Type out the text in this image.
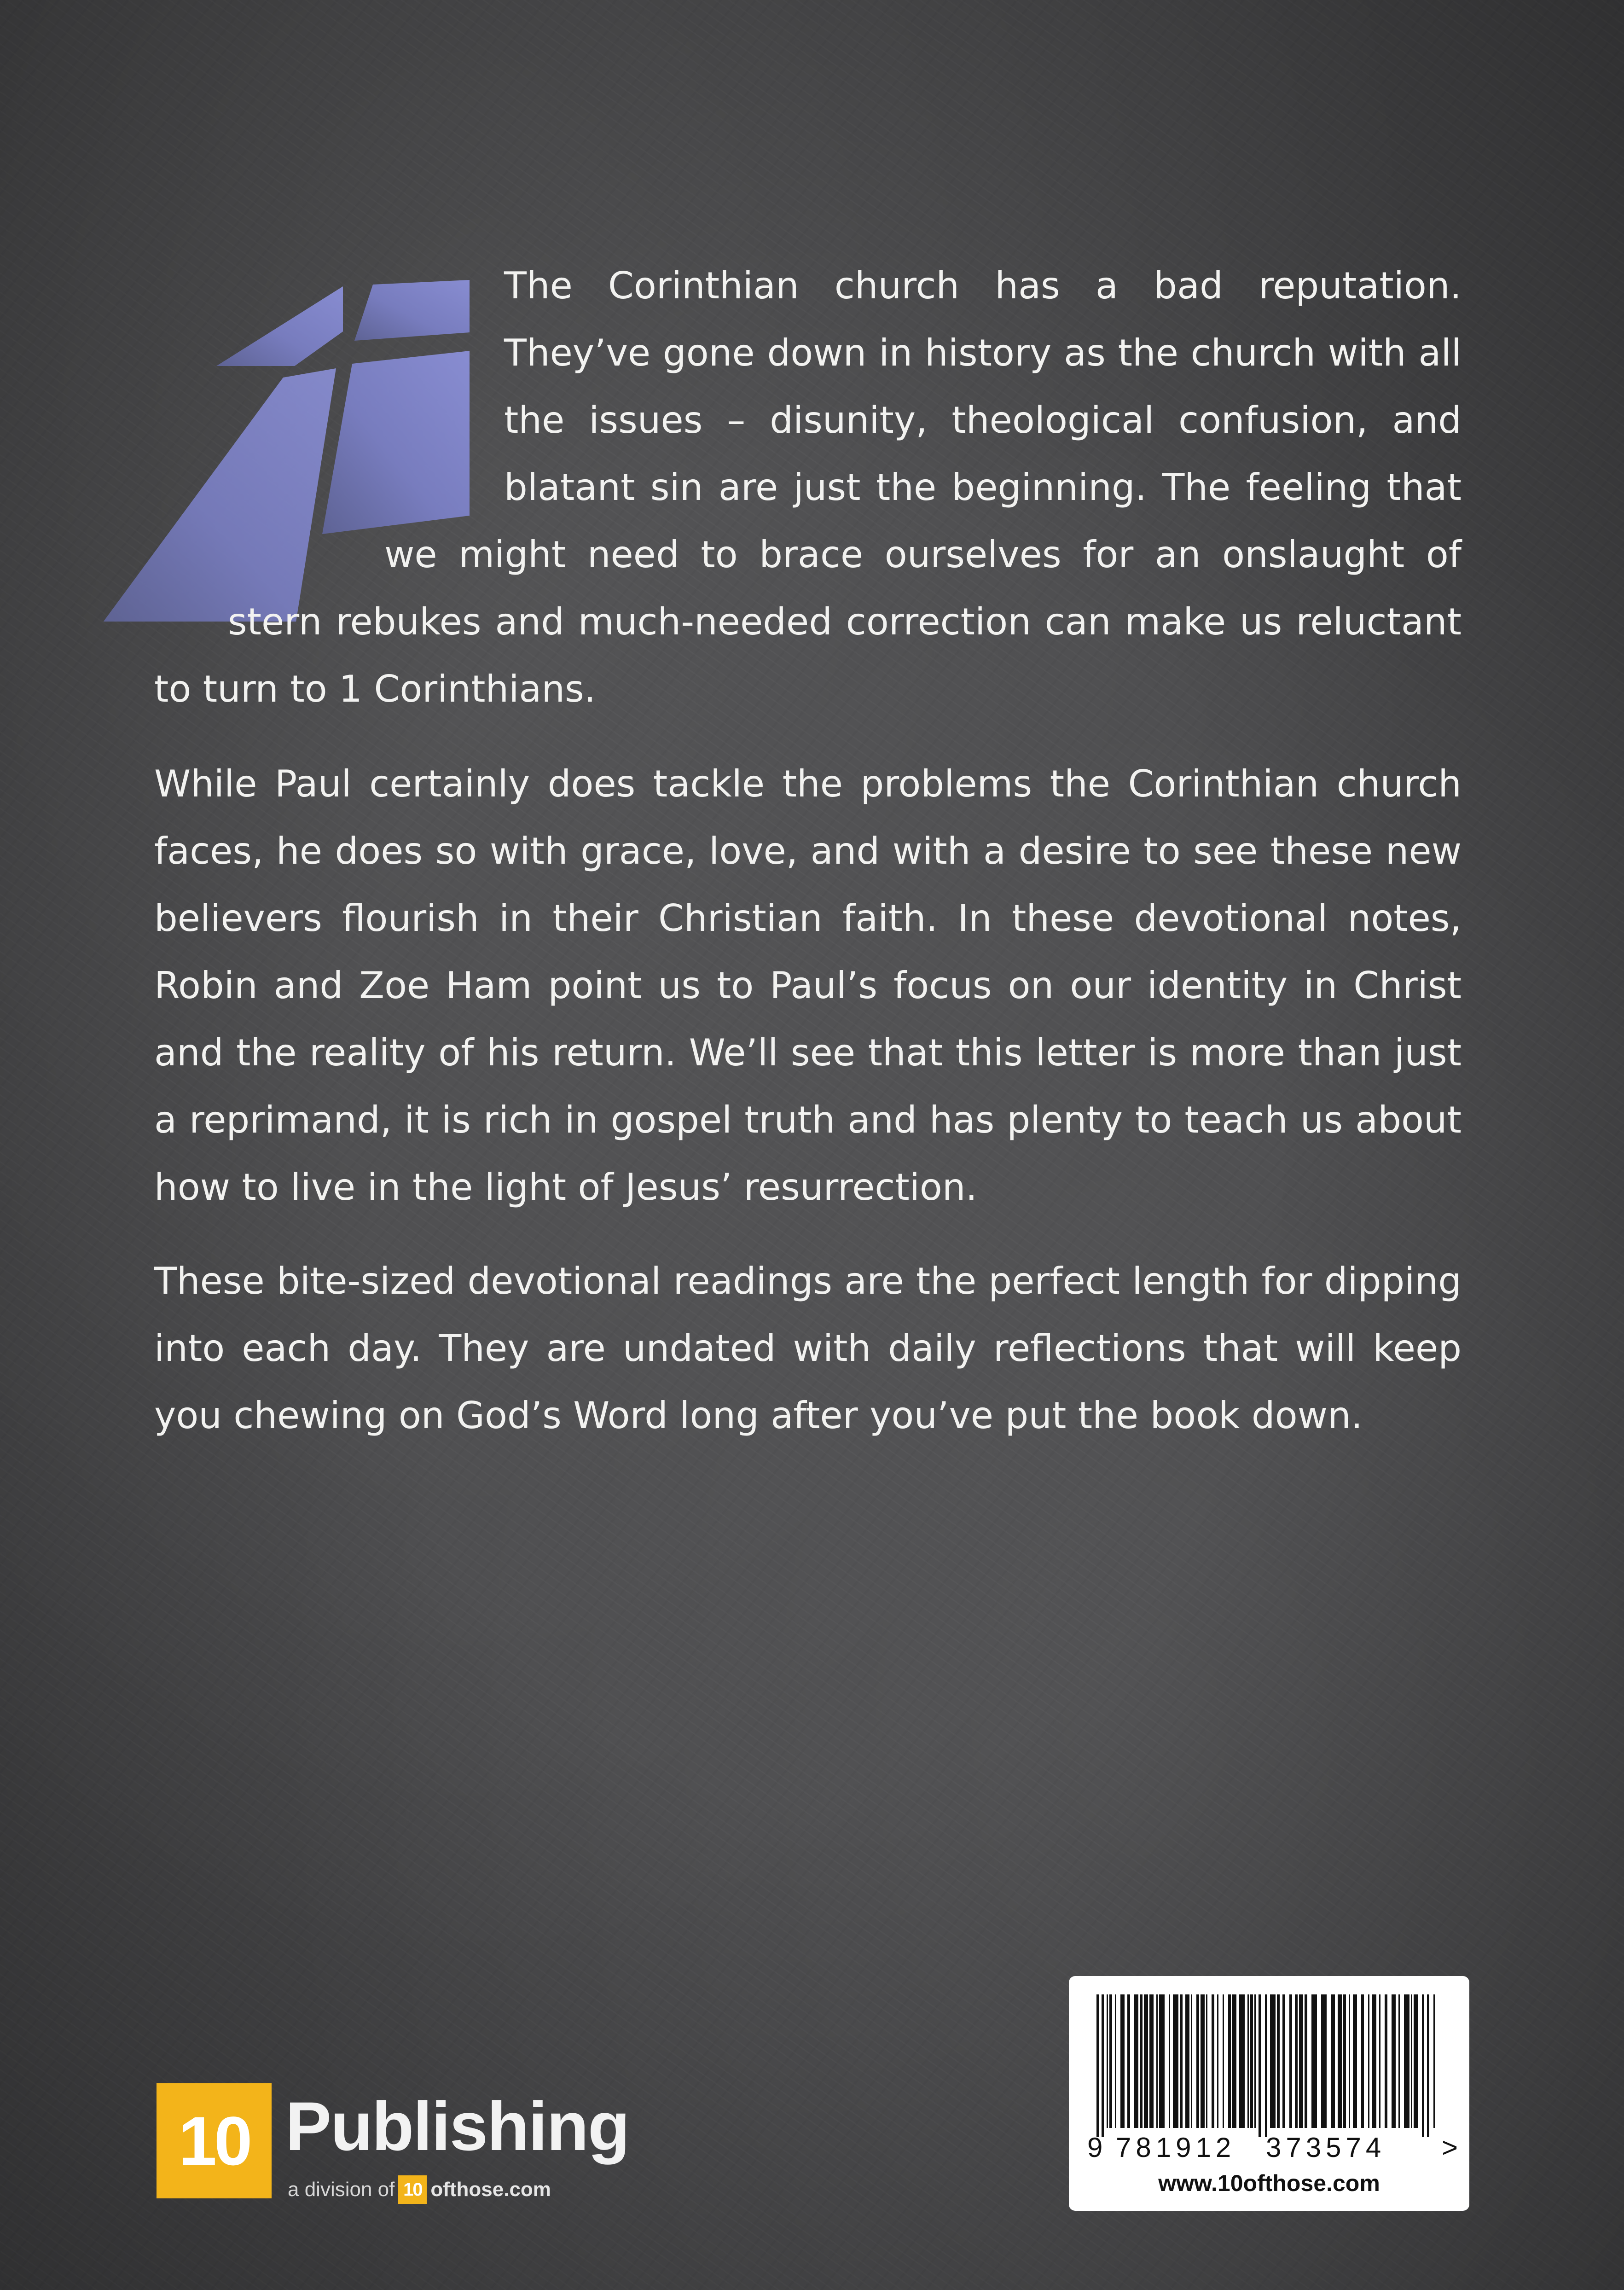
The Corinthian church has a bad reputation. They’ve gone down in history as the church with all the issues – disunity, theological confusion, and blatant sin are just the beginning. The feeling that we might need to brace ourselves for an onslaught of stern rebukes and much-needed correction can make us reluctant to turn to 1 Corinthians.

While Paul certainly does tackle the problems the Corinthian church faces, he does so with grace, love, and with a desire to see these new believers flourish in their Christian faith. In these devotional notes, Robin and Zoe Ham point us to Paul’s focus on our identity in Christ and the reality of his return. We’ll see that this letter is more than just a reprimand, it is rich in gospel truth and has plenty to teach us about how to live in the light of Jesus’ resurrection.

These bite-sized devotional readings are the perfect length for dipping into each day. They are undated with daily reflections that will keep you chewing on God’s Word long after you’ve put the book down.

10 Publishing
a division of 10 ofthose.com
9 781912 373574 >
www.10ofthose.com
